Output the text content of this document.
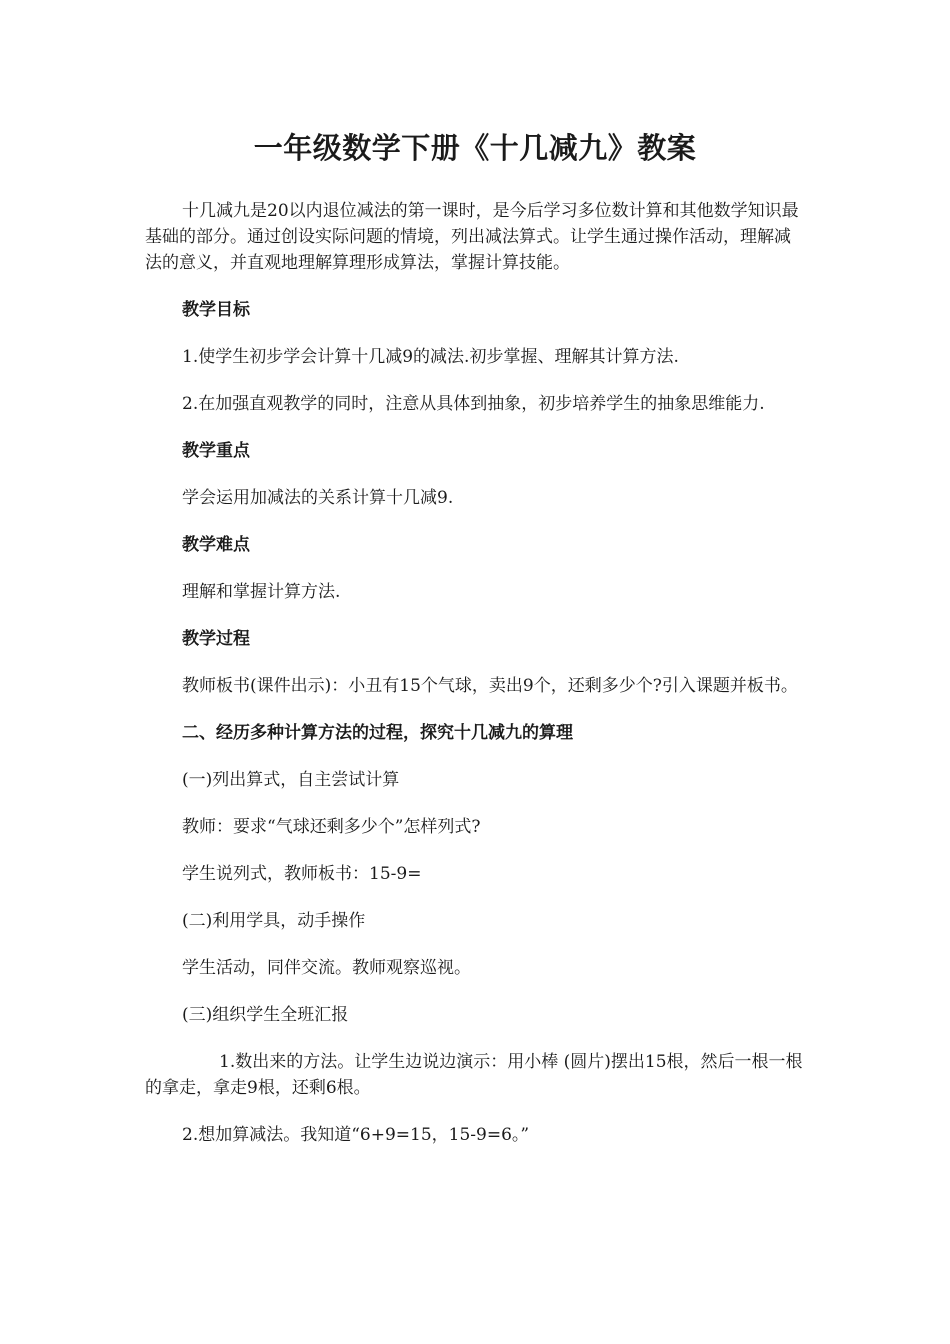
一年级数学下册《十几减九》教案

十几减九是20以内退位减法的第一课时，是今后学习多位数计算和其他数学知识最基础的部分。通过创设实际问题的情境，列出减法算式。让学生通过操作活动，理解减法的意义，并直观地理解算理形成算法，掌握计算技能。

教学目标

1.使学生初步学会计算十几减9的减法.初步掌握、理解其计算方法.

2.在加强直观教学的同时，注意从具体到抽象，初步培养学生的抽象思维能力.

教学重点

学会运用加减法的关系计算十几减9.

教学难点

理解和掌握计算方法.

教学过程

教师板书(课件出示)：小丑有15个气球，卖出9个，还剩多少个?引入课题并板书。

二、经历多种计算方法的过程，探究十几减九的算理

(一)列出算式，自主尝试计算

教师：要求“气球还剩多少个”怎样列式?

学生说列式，教师板书：15-9=

(二)利用学具，动手操作

学生活动，同伴交流。教师观察巡视。

(三)组织学生全班汇报

1.数出来的方法。让学生边说边演示：用小棒 (圆片)摆出15根，然后一根一根的拿走，拿走9根，还剩6根。

2.想加算减法。我知道“6+9=15，15-9=6。”
